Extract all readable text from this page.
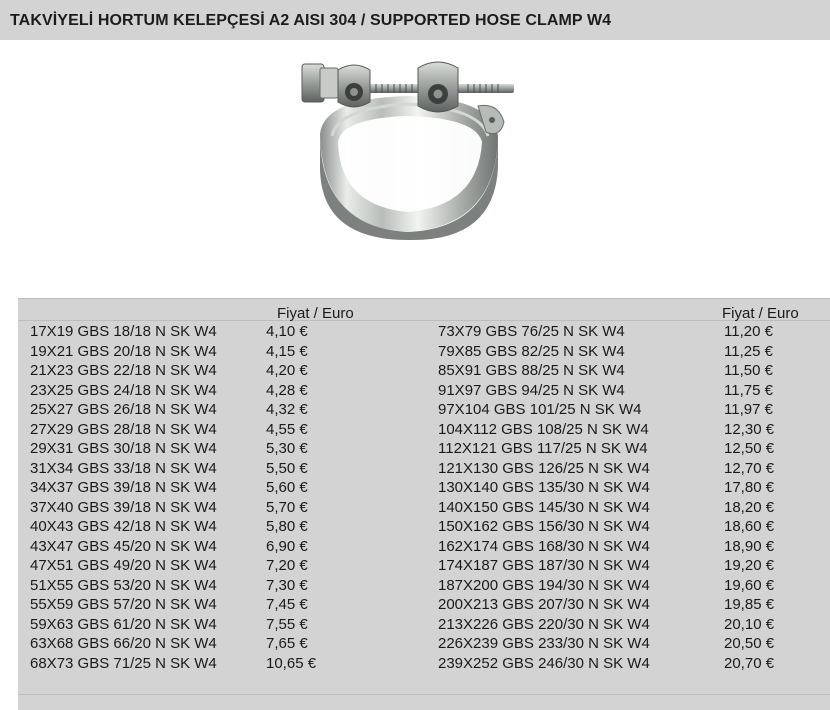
TAKVİYELİ HORTUM KELEPÇESİ A2 AISI 304 / SUPPORTED HOSE CLAMP W4
Fiyat / Euro	Fiyat / Euro
17X19 GBS 18/18 N SK W4	4,10 €	73X79 GBS 76/25 N SK W4	11,20 €
19X21 GBS 20/18 N SK W4	4,15 €	79X85 GBS 82/25 N SK W4	11,25 €
21X23 GBS 22/18 N SK W4	4,20 €	85X91 GBS 88/25 N SK W4	11,50 €
23X25 GBS 24/18 N SK W4	4,28 €	91X97 GBS 94/25 N SK W4	11,75 €
25X27 GBS 26/18 N SK W4	4,32 €	97X104 GBS 101/25 N SK W4	11,97 €
27X29 GBS 28/18 N SK W4	4,55 €	104X112 GBS 108/25 N SK W4	12,30 €
29X31 GBS 30/18 N SK W4	5,30 €	112X121 GBS 117/25 N SK W4	12,50 €
31X34 GBS 33/18 N SK W4	5,50 €	121X130 GBS 126/25 N SK W4	12,70 €
34X37 GBS 39/18 N SK W4	5,60 €	130X140 GBS 135/30 N SK W4	17,80 €
37X40 GBS 39/18 N SK W4	5,70 €	140X150 GBS 145/30 N SK W4	18,20 €
40X43 GBS 42/18 N SK W4	5,80 €	150X162 GBS 156/30 N SK W4	18,60 €
43X47 GBS 45/20 N SK W4	6,90 €	162X174 GBS 168/30 N SK W4	18,90 €
47X51 GBS 49/20 N SK W4	7,20 €	174X187 GBS 187/30 N SK W4	19,20 €
51X55 GBS 53/20 N SK W4	7,30 €	187X200 GBS 194/30 N SK W4	19,60 €
55X59 GBS 57/20 N SK W4	7,45 €	200X213 GBS 207/30 N SK W4	19,85 €
59X63 GBS 61/20 N SK W4	7,55 €	213X226 GBS 220/30 N SK W4	20,10 €
63X68 GBS 66/20 N SK W4	7,65 €	226X239 GBS 233/30 N SK W4	20,50 €
68X73 GBS 71/25 N SK W4	10,65 €	239X252 GBS 246/30 N SK W4	20,70 €
